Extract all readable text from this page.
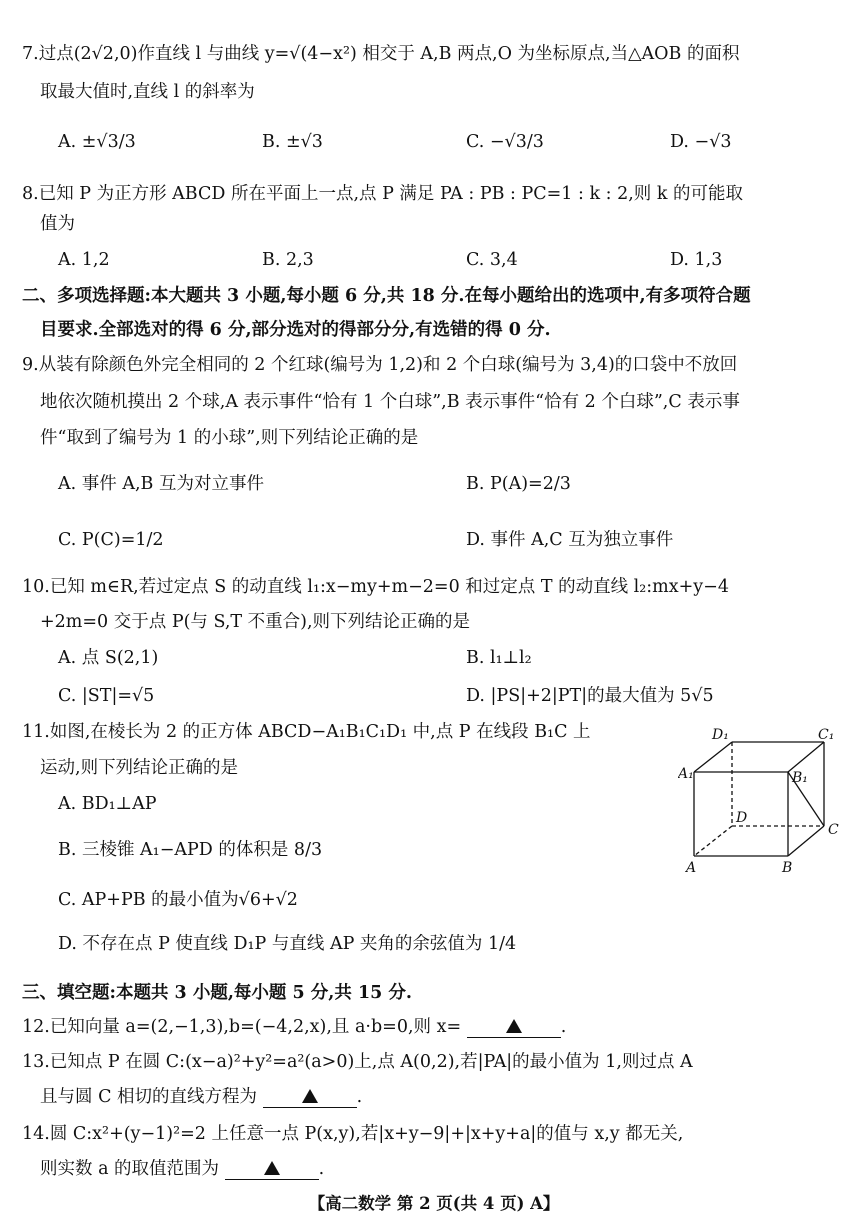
7.过点(2√2,0)作直线 l 与曲线 y=√(4−x²) 相交于 A,B 两点,O 为坐标原点,当△AOB 的面积
取最大值时,直线 l 的斜率为
A. ±√3/3	B. ±√3	C. −√3/3	D. −√3
8.已知 P 为正方形 ABCD 所在平面上一点,点 P 满足 PA : PB : PC=1 : k : 2,则 k 的可能取
值为
A. 1,2	B. 2,3	C. 3,4	D. 1,3
二、多项选择题:本大题共 3 小题,每小题 6 分,共 18 分.在每小题给出的选项中,有多项符合题
目要求.全部选对的得 6 分,部分选对的得部分分,有选错的得 0 分.
9.从装有除颜色外完全相同的 2 个红球(编号为 1,2)和 2 个白球(编号为 3,4)的口袋中不放回
地依次随机摸出 2 个球,A 表示事件“恰有 1 个白球”,B 表示事件“恰有 2 个白球”,C 表示事
件“取到了编号为 1 的小球”,则下列结论正确的是
A. 事件 A,B 互为对立事件	B. P(A)=2/3
C. P(C)=1/2	D. 事件 A,C 互为独立事件
10.已知 m∈R,若过定点 S 的动直线 l₁:x−my+m−2=0 和过定点 T 的动直线 l₂:mx+y−4
+2m=0 交于点 P(与 S,T 不重合),则下列结论正确的是
A. 点 S(2,1)	B. l₁⊥l₂
C. |ST|=√5	D. |PS|+2|PT|的最大值为 5√5
11.如图,在棱长为 2 的正方体 ABCD−A₁B₁C₁D₁ 中,点 P 在线段 B₁C 上
运动,则下列结论正确的是
A. BD₁⊥AP
B. 三棱锥 A₁−APD 的体积是 8/3
C. AP+PB 的最小值为√6+√2
D. 不存在点 P 使直线 D₁P 与直线 AP 夹角的余弦值为 1/4
D₁	C₁
A₁	B₁
D
C
A	B
三、填空题:本题共 3 小题,每小题 5 分,共 15 分.
12.已知向量 a=(2,−1,3),b=(−4,2,x),且 a·b=0,则 x=	.
13.已知点 P 在圆 C:(x−a)²+y²=a²(a>0)上,点 A(0,2),若|PA|的最小值为 1,则过点 A
且与圆 C 相切的直线方程为	.
14.圆 C:x²+(y−1)²=2 上任意一点 P(x,y),若|x+y−9|+|x+y+a|的值与 x,y 都无关,
则实数 a 的取值范围为	.
【高二数学 第 2 页(共 4 页) A】
